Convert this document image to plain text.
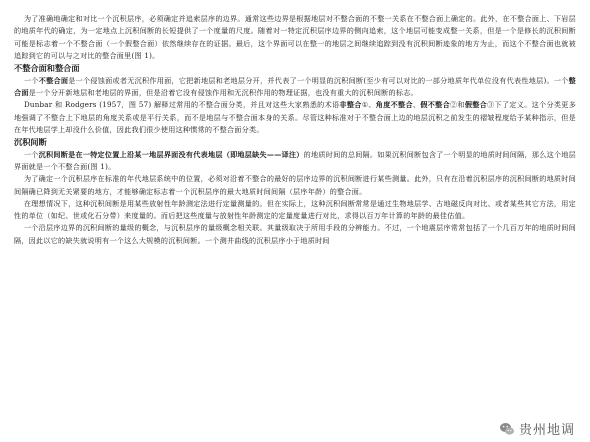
为了准确地确定和对比一个沉积层序，必须确定并追索层序的边界。通常这些边界是根据地层对不整合面的不整一关系在不整合面上确定的。此外，在不整合面上、下岩层的地质年代的确定，为一定地点上沉积间断的长短提供了一个度量的尺度。随着对一特定沉积层序边界的侧向追索，这个地层可能变成整一关系，但是一个是修长的沉积间断可能是标志着一个不整合面（一个假整合面）依然继续存在的证据。最后，这个界面可以在整一的地层之间继续追踪到没有沉积间断迹象的地方为止，而这个不整合面也就被追踪到它的可以与之对比的整合面里(图 1)。

不整合面和整合面

一个不整合面是一个侵蚀面或者无沉积作用面，它把新地层和老地层分开，并代表了一个明显的沉积间断(至少有可以对比的一部分地质年代单位没有代表性地层)。一个整合面是一个分开新地层和老地层的界面，但是沿着它没有侵蚀作用和无沉积作用的物理证据，也没有重大的沉积间断的标志。

Dunbar 和 Rodgers (1957，图 57) 解释过常用的不整合面分类，并且对这些大家熟悉的术语非整合①、角度不整合、假不整合②和假整合③下了定义。这个分类更多地强调了不整合上下地层的角度关系或是平行关系，而不是地层与不整合面本身的关系。尽管这种标准对于不整合面上边的地层沉积之前发生的褶皱程度给予某种指示，但是在年代地层学上却没什么价值，因此我们很少使用这种惯常的不整合面分类。

沉积间断

一个沉积间断是在一特定位置上沿某一地层界面没有代表地层（即地层缺失——译注）的地质时间的总间隔。如果沉积间断包含了一个明显的地质时间间隔，那么这个地层界面就是一个不整合面(图 1)。

为了确定一个沉积层序在标准的年代地层系统中的位置，必须对沿着不整合的最好的层序边界的沉积间断进行某些测量。此外，只有在沿着沉积层序的沉积间断的地质时间间隔确已降到无关紧要的地方，才能够确定标志着一个沉积层序的最大地质时间间隔（层序年龄）的整合面。

在理想情况下，这种沉积间断是用某些放射性年龄测定法进行定量测量的。但在实际上，这种沉积间断常常是通过生物地层学、古地磁反向对比、或者某些其它方法，用定性的单位（如纪、世或化石分带）来度量的。而后把这些度量与放射性年龄测定的定量度量进行对比，求得以百万年计算的年龄的最佳估值。

一个沿层序边界的沉积间断的量级的概念，与沉积层序的量级概念相关联。其量级取决于所用手段的分辨能力。不过，一个地震层序常常包括了一个几百万年的地质时间间隔，因此以它的缺失就说明有一个这么大规模的沉积间断。一个测井曲线的沉积层序小于地质时间

贵州地调
